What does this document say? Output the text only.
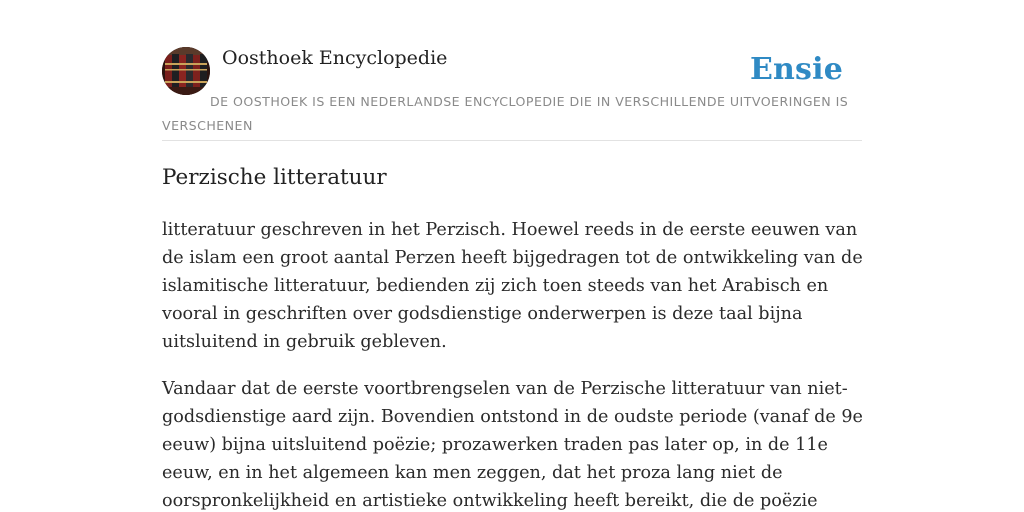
Oosthoek Encyclopedie	Ensie
DE OOSTHOEK IS EEN NEDERLANDSE ENCYCLOPEDIE DIE IN VERSCHILLENDE UITVOERINGEN IS VERSCHENEN
Perzische litteratuur

litteratuur geschreven in het Perzisch. Hoewel reeds in de eerste eeuwen van de islam een groot aantal Perzen heeft bijgedragen tot de ontwikkeling van de islamitische litteratuur, bedienden zij zich toen steeds van het Arabisch en vooral in geschriften over godsdienstige onderwerpen is deze taal bijna uitsluitend in gebruik gebleven.

Vandaar dat de eerste voortbrengselen van de Perzische litteratuur van niet-godsdienstige aard zijn. Bovendien ontstond in de oudste periode (vanaf de 9e eeuw) bijna uitsluitend poëzie; prozawerken traden pas later op, in de 11e eeuw, en in het algemeen kan men zeggen, dat het proza lang niet de oorspronkelijkheid en artistieke ontwikkeling heeft bereikt, die de poëzie
